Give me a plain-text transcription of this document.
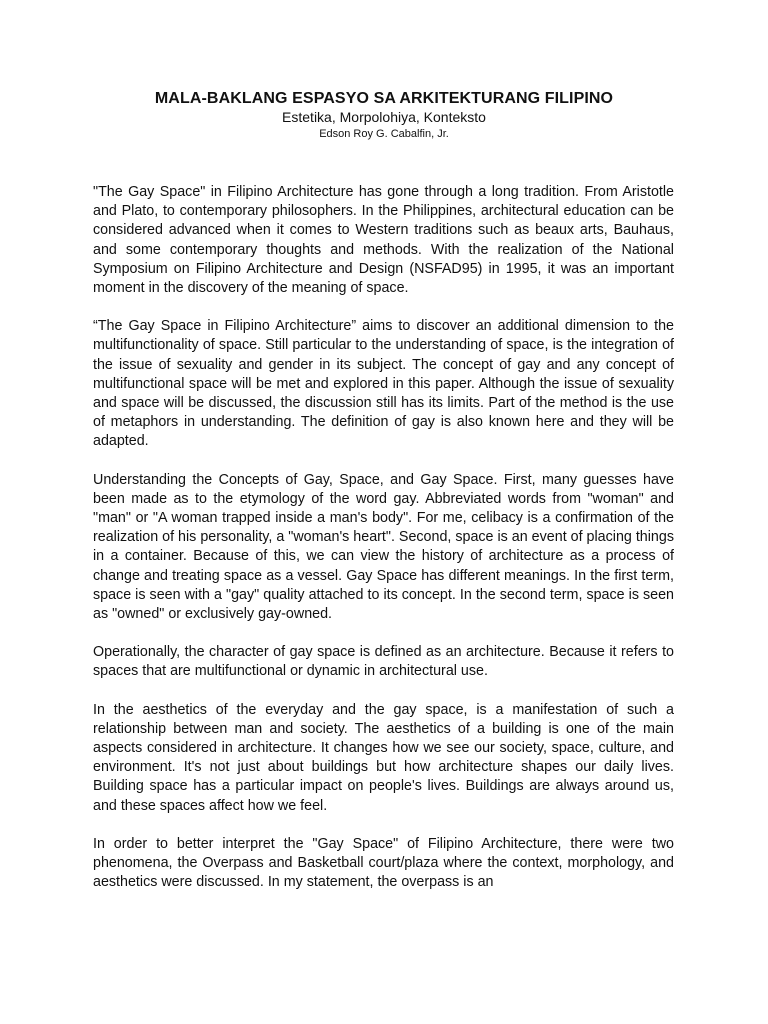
MALA-BAKLANG ESPASYO SA ARKITEKTURANG FILIPINO
Estetika, Morpolohiya, Konteksto
Edson Roy G. Cabalfin, Jr.

"The Gay Space" in Filipino Architecture has gone through a long tradition. From Aristotle and Plato, to contemporary philosophers. In the Philippines, architectural education can be considered advanced when it comes to Western traditions such as beaux arts, Bauhaus, and some contemporary thoughts and methods. With the realization of the National Symposium on Filipino Architecture and Design (NSFAD95) in 1995, it was an important moment in the discovery of the meaning of space.

“The Gay Space in Filipino Architecture” aims to discover an additional dimension to the multifunctionality of space. Still particular to the understanding of space, is the integration of the issue of sexuality and gender in its subject. The concept of gay and any concept of multifunctional space will be met and explored in this paper. Although the issue of sexuality and space will be discussed, the discussion still has its limits. Part of the method is the use of metaphors in understanding. The definition of gay is also known here and they will be adapted.

Understanding the Concepts of Gay, Space, and Gay Space. First, many guesses have been made as to the etymology of the word gay. Abbreviated words from "woman" and "man" or "A woman trapped inside a man's body". For me, celibacy is a confirmation of the realization of his personality, a "woman's heart". Second, space is an event of placing things in a container. Because of this, we can view the history of architecture as a process of change and treating space as a vessel. Gay Space has different meanings. In the first term, space is seen with a "gay" quality attached to its concept. In the second term, space is seen as "owned" or exclusively gay-owned.

Operationally, the character of gay space is defined as an architecture. Because it refers to spaces that are multifunctional or dynamic in architectural use.

In the aesthetics of the everyday and the gay space, is a manifestation of such a relationship between man and society. The aesthetics of a building is one of the main aspects considered in architecture. It changes how we see our society, space, culture, and environment. It's not just about buildings but how architecture shapes our daily lives. Building space has a particular impact on people's lives. Buildings are always around us, and these spaces affect how we feel.

In order to better interpret the "Gay Space" of Filipino Architecture, there were two phenomena, the Overpass and Basketball court/plaza where the context, morphology, and aesthetics were discussed. In my statement, the overpass is an
